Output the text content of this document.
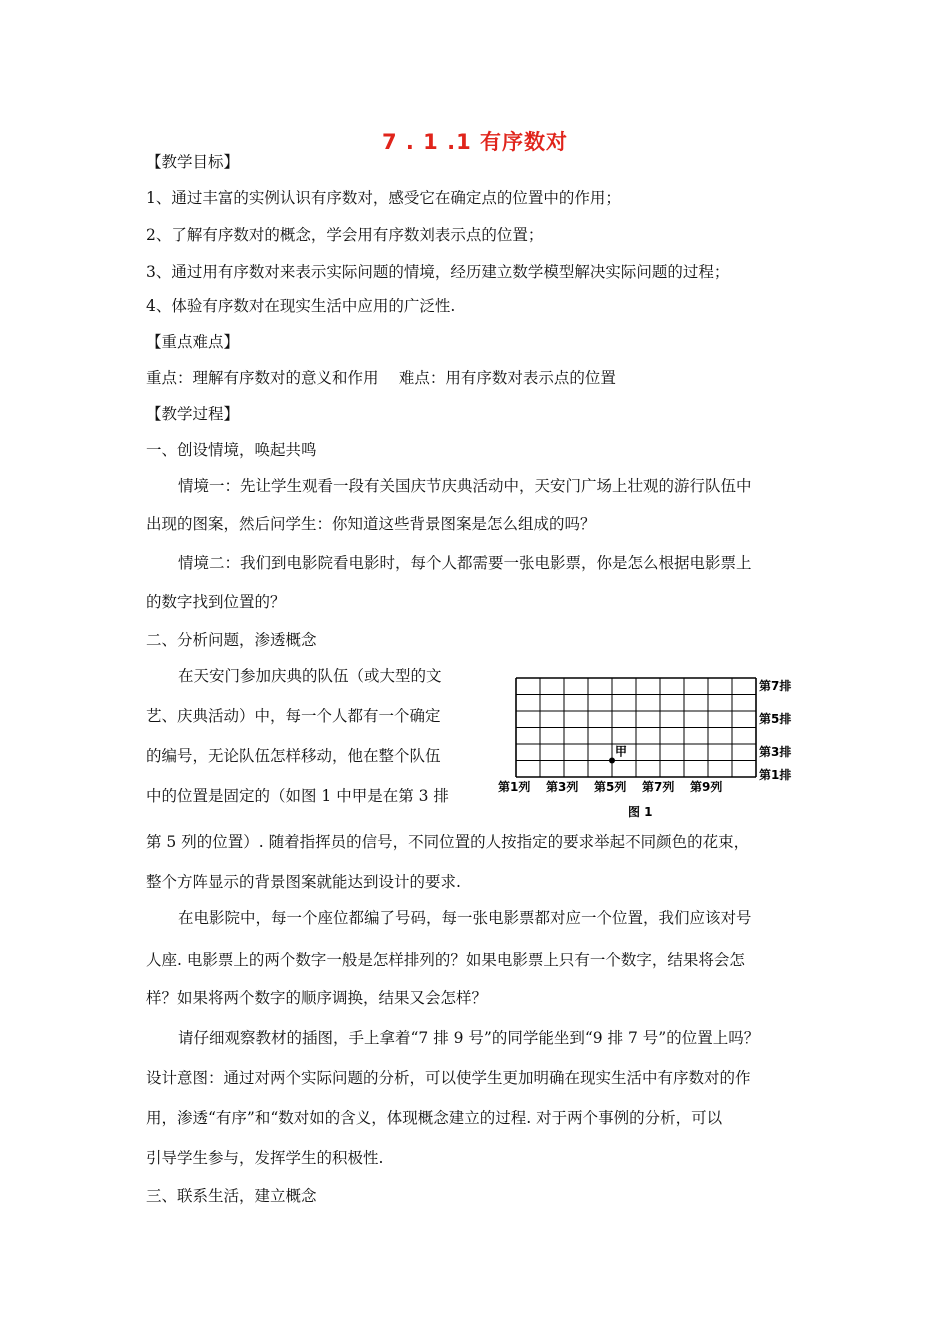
7 . 1 .1 有序数对
【教学目标】
1、通过丰富的实例认识有序数对，感受它在确定点的位置中的作用；
2、了解有序数对的概念，学会用有序数刘表示点的位置；
3、通过用有序数对来表示实际问题的情境，经历建立数学模型解决实际问题的过程；
4、体验有序数对在现实生活中应用的广泛性.
【重点难点】
重点：理解有序数对的意义和作用　 难点：用有序数对表示点的位置
【教学过程】
一、创设情境，唤起共鸣
情境一：先让学生观看一段有关国庆节庆典活动中，天安门广场上壮观的游行队伍中
出现的图案，然后问学生：你知道这些背景图案是怎么组成的吗？
情境二：我们到电影院看电影时，每个人都需要一张电影票，你是怎么根据电影票上
的数字找到位置的？
二、分析问题，渗透概念
在天安门参加庆典的队伍（或大型的文
艺、庆典活动）中，每一个人都有一个确定
的编号，无论队伍怎样移动，他在整个队伍
中的位置是固定的（如图 1 中甲是在第 3 排
第 5 列的位置）. 随着指挥员的信号，不同位置的人按指定的要求举起不同颜色的花束，
整个方阵显示的背景图案就能达到设计的要求.
在电影院中，每一个座位都编了号码，每一张电影票都对应一个位置，我们应该对号
人座. 电影票上的两个数字一般是怎样排列的？如果电影票上只有一个数字，结果将会怎
样？如果将两个数字的顺序调换，结果又会怎样？
请仔细观察教材的插图，手上拿着“7 排 9 号”的同学能坐到“9 排 7 号”的位置上吗？
设计意图：通过对两个实际问题的分析，可以使学生更加明确在现实生活中有序数对的作
用，渗透“有序”和“数对如的含义，体现概念建立的过程. 对于两个事例的分析，可以
引导学生参与，发挥学生的积极性.
三、联系生活，建立概念
第7排
第5排
第3排
第1排
第1列 第3列 第5列 第7列 第9列
甲
图 1
